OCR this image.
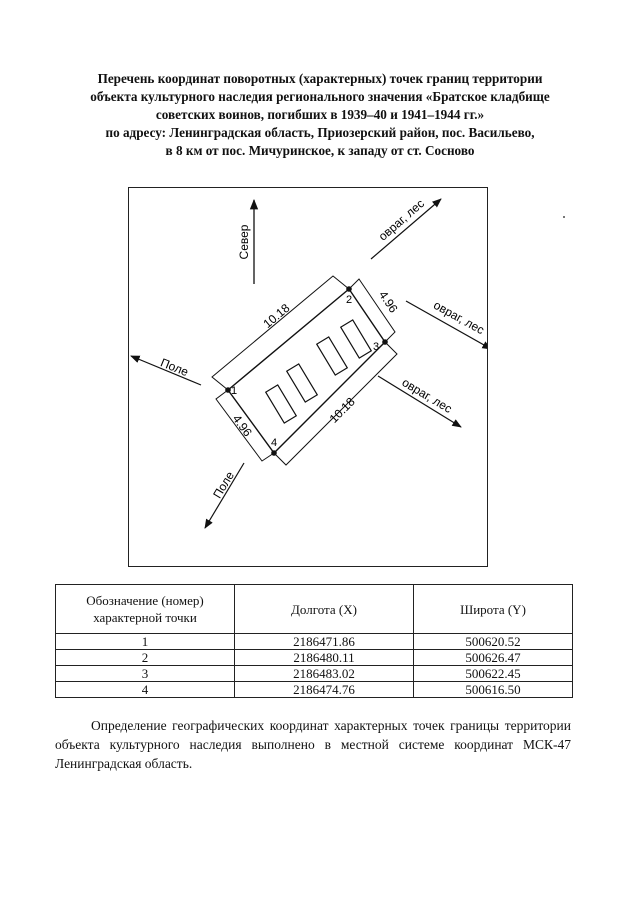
Перечень координат поворотных (характерных) точек границ территории
объекта культурного наследия регионального значения «Братское кладбище
советских воинов, погибших в 1939–40 и 1941–1944 гг.»
по адресу: Ленинградская область, Приозерский район, пос. Васильево,
в 8 км от пос. Мичуринское, к западу от ст. Сосново
Север	овраг, лес
овраг, лес
овраг, лес
Поле
Поле
10.18
10.18
4.96
4.96
1
2
3
4
Обозначение (номер) характерной точки	Долгота (X)	Широта (Y)
1	2186471.86	500620.52
2	2186480.11	500626.47
3	2186483.02	500622.45
4	2186474.76	500616.50

Определение географических координат характерных точек границы территории объекта культурного наследия выполнено в местной системе координат МСК-47 Ленинградская область.
